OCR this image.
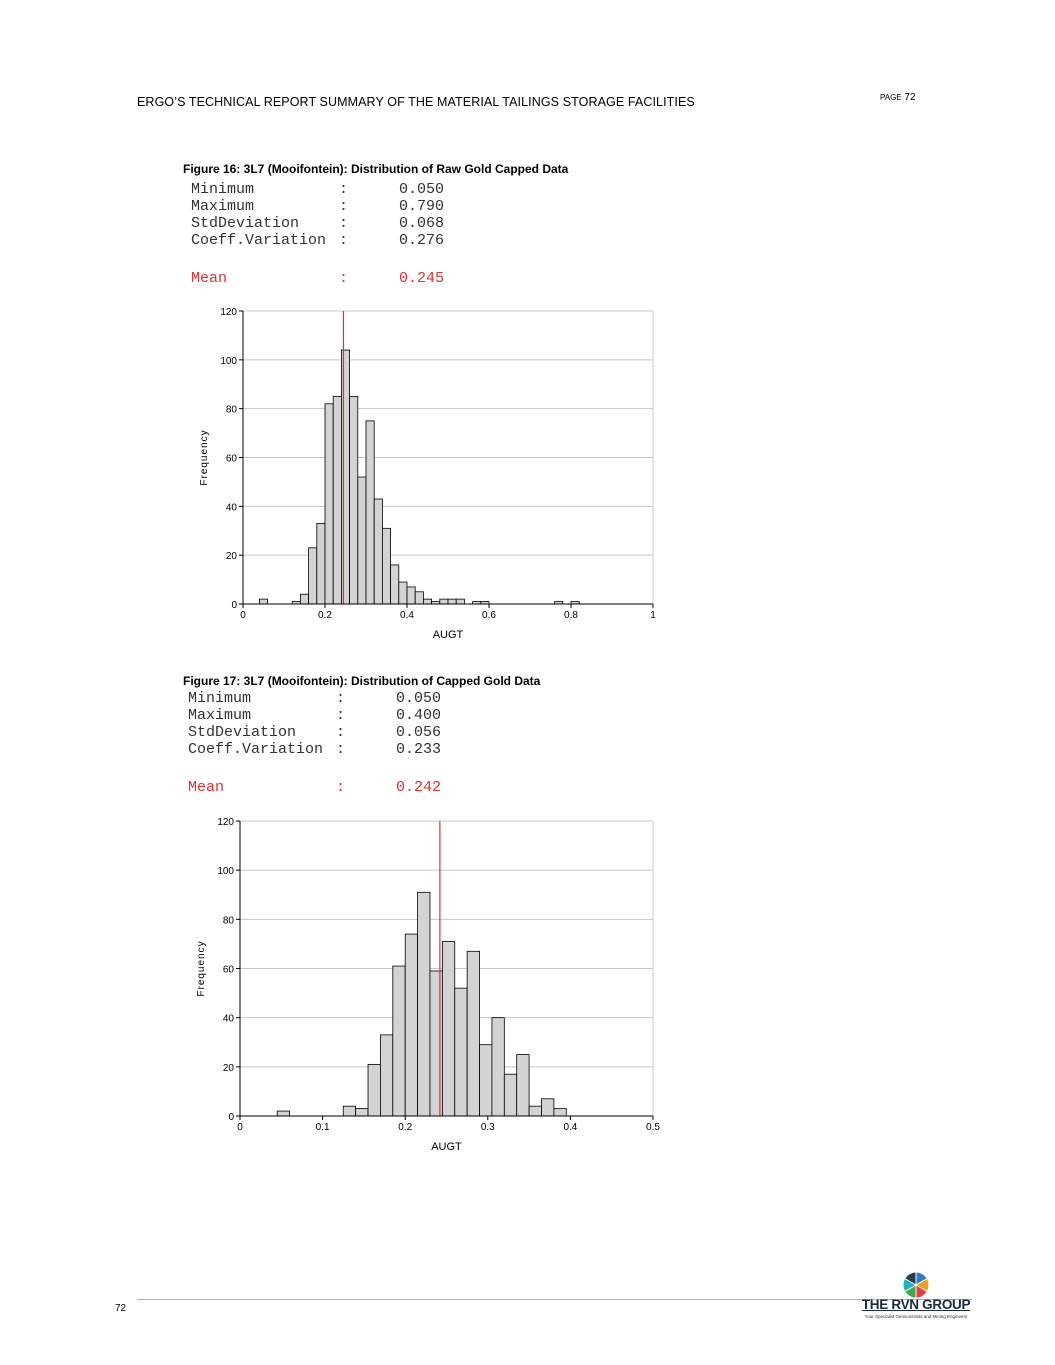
ERGO’S TECHNICAL REPORT SUMMARY OF THE MATERIAL TAILINGS STORAGE FACILITIES	PAGE 72
Figure 16: 3L7 (Mooifontein): Distribution of Raw Gold Capped Data
Minimum	:	0.050
Maximum	:	0.790
StdDeviation	:	0.068
Coeff.Variation :	0.276
Mean	:	0.245
0
20
40
60
80
100
120
0	0.2	0.4	0.6	0.8	1
AUGT
Frequency
Figure 17: 3L7 (Mooifontein): Distribution of Capped Gold Data
Minimum	:	0.050
Maximum	:	0.400
StdDeviation	:	0.056
Coeff.Variation :	0.233
Mean	:	0.242
0
20
40
60
80
100
120
0	0.1	0.2	0.3	0.4	0.5
AUGT
Frequency
72	THE RVN GROUP
Your Specialist Geoscientists and Mining Engineers
